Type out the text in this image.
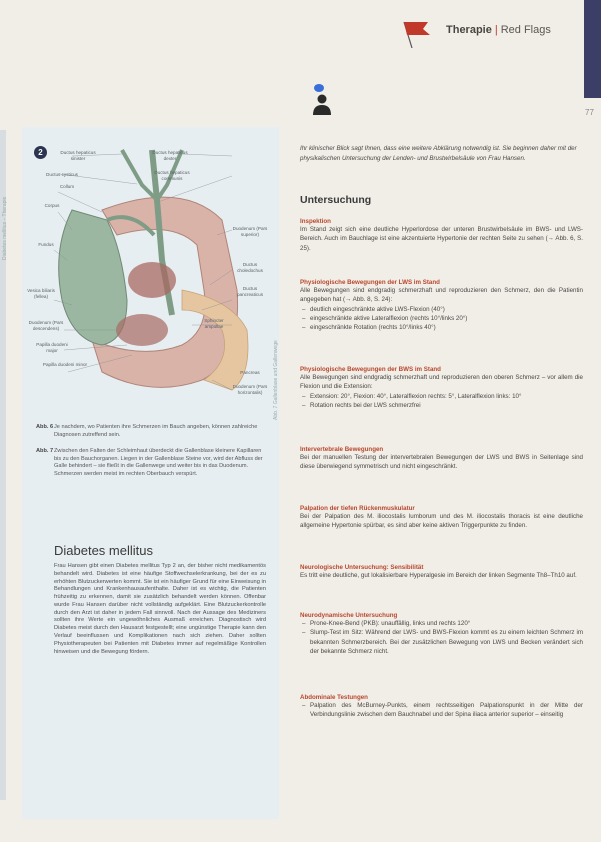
Therapie | Red Flags
77
Diabetes mellitus – Therapie
Abb. 7 Gallenblase und Gallenwege
2	Ductus hepaticus sinister
Ductus hepaticus dexter
Ductus cysticus	Ductus hepaticus communis
Collum
Corpus
Duodenum (Pars superior)
Fundus
Ductus choledochus
Vesica biliaris (fellea)
Ductus pancreaticus
Duodenum (Pars descendens)
Sphincter ampullae
Papilla duodeni major
Papilla duodeni minor
Pancreas
Duodenum (Pars horizontalis)
Abb. 6 Je nachdem, wo Patienten ihre Schmerzen im Bauch angeben, können zahlreiche Diagnosen zutreffend sein.
Abb. 7 Zwischen den Falten der Schleimhaut überdeckt die Gallenblase kleinere Kapillaren bis zu den Bauchorganen. Liegen in der Gallenblase Steine vor, wird der Abfluss der Galle behindert – sie fließt in die Gallenwege und weiter bis in das Duodenum. Schmerzen werden meist im rechten Oberbauch verspürt.
Diabetes mellitus
Frau Hansen gibt einen Diabetes mellitus Typ 2 an, der bisher nicht medikamentös behandelt wird. Diabetes ist eine häufige Stoffwechselerkrankung, bei der es zu erhöhten Blutzuckerwerten kommt. Sie ist ein häufiger Grund für eine Einweisung in Behandlungen und Krankenhausaufenthalte. Daher ist es wichtig, die Patienten frühzeitig zu erkennen, damit sie zusätzlich behandelt werden können. Offenbar wurde Frau Hansen darüber nicht vollständig aufgeklärt. Eine Blutzuckerkontrolle durch den Arzt ist daher in jedem Fall sinnvoll. Nach der Aussage des Mediziners sollten ihre Werte ein ungewöhnliches Ausmaß erreichen. Diagnostisch wird Diabetes meist durch den Hausarzt festgestellt; eine ungünstige Therapie kann den Verlauf beeinflussen und Komplikationen nach sich ziehen. Daher sollten Physiotherapeuten bei Patienten mit Diabetes immer auf regelmäßige Kontrollen hinweisen und die Bewegung fördern.
Ihr klinischer Blick sagt Ihnen, dass eine weitere Abklärung notwendig ist. Sie beginnen daher mit der physikalischen Untersuchung der Lenden- und Brustwirbelsäule von Frau Hansen.
Untersuchung
Inspektion
Im Stand zeigt sich eine deutliche Hyperlordose der unteren Brustwirbelsäule im BWS- und LWS-Bereich. Auch im Bauchlage ist eine akzentuierte Hypertonie der rechten Seite zu sehen (→ Abb. 6, S. 25).
Physiologische Bewegungen der LWS im Stand
Alle Bewegungen sind endgradig schmerzhaft und reproduzieren den Schmerz, den die Patientin angegeben hat (→ Abb. 8, S. 24):
– deutlich eingeschränkte aktive LWS-Flexion (40°)
– eingeschränkte aktive Lateralflexion (rechts 10°/links 20°)
– eingeschränkte Rotation (rechts 10°/links 40°)
Physiologische Bewegungen der BWS im Stand
Alle Bewegungen sind endgradig schmerzhaft und reproduzieren den oberen Schmerz – vor allem die Flexion und die Extension:
– Extension: 20°, Flexion: 40°, Lateralflexion rechts: 5°, Lateralflexion links: 10°
– Rotation rechts bei der LWS schmerzfrei
Intervertebrale Bewegungen
Bei der manuellen Testung der intervertebralen Bewegungen der LWS und BWS in Seitenlage sind diese überwiegend symmetrisch und nicht eingeschränkt.
Palpation der tiefen Rückenmuskulatur
Bei der Palpation des M. iliocostalis lumborum und des M. iliocostalis thoracis ist eine deutliche allgemeine Hypertonie spürbar, es sind aber keine aktiven Triggerpunkte zu finden.
Neurologische Untersuchung: Sensibilität
Es tritt eine deutliche, gut lokalisierbare Hyperalgesie im Bereich der linken Segmente Th8–Th10 auf.
Neurodynamische Untersuchung
– Prone-Knee-Bend (PKB): unauffällig, links und rechts 120°
– Slump-Test im Sitz: Während der LWS- und BWS-Flexion kommt es zu einem leichten Schmerz im bekannten Schmerzbereich. Bei der zusätzlichen Bewegung von LWS und Becken verändert sich der bekannte Schmerz nicht.
Abdominale Testungen
– Palpation des McBurney-Punkts, einem rechtsseitigen Palpationspunkt in der Mitte der Verbindungslinie zwischen dem Bauchnabel und der Spina iliaca anterior superior – einseitig
